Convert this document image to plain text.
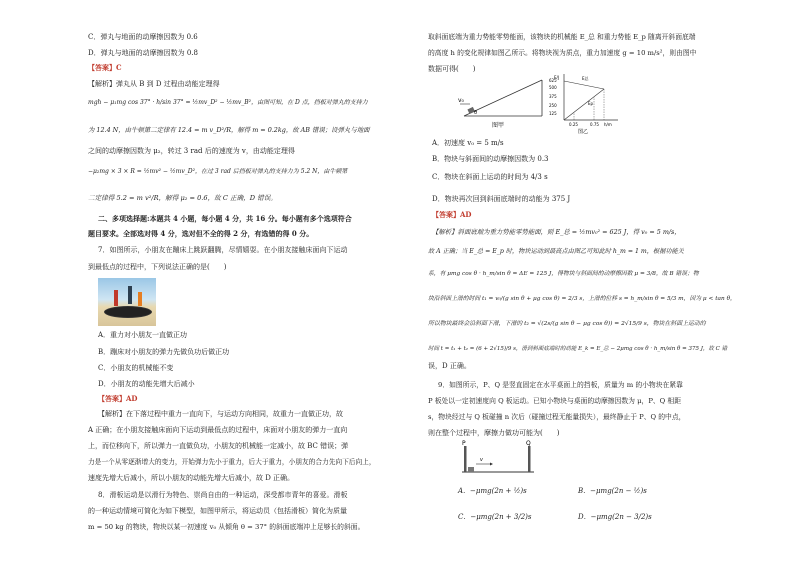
C．弹丸与地面的动摩擦因数为 0.6
D．弹丸与地面的动摩擦因数为 0.8
【答案】C
【解析】弹丸从 B 到 D 过程由动能定理得
mgh − μ₁mg cos 37° · h/sin 37° = ½mv_D² − ½mv_B²，由图可知，在 D 点，挡板对弹丸的支持力
为 12.4 N，由牛顿第二定律有 12.4 = m v_D²/R，解得 m = 0.2kg，故 AB 错误；设弹丸与地面
之间的动摩擦因数为 μ₂，转过 3 rad 后的速度为 v，由动能定理得
−μ₂mg × 3 × R = ½mv² − ½mv_D²，在过 3 rad 后挡板对弹丸的支持力为 5.2 N，由牛顿第
二定律得 5.2 = m v²/R，解得 μ₂ = 0.6，故 C 正确，D 错误。
二、多项选择题:本题共 4 小题，每小题 4 分，共 16 分。每小题有多个选项符合
题目要求。全部选对得 4 分，选对但不全的得 2 分，有选错的得 0 分。
7．如图所示，小朋友在蹦床上跳跃翻腾，尽情嬉耍。在小朋友接触床面向下运动
到最低点的过程中，下列说法正确的是(　　)
A．重力对小朋友一直做正功
B．蹦床对小朋友的弹力先做负功后做正功
C．小朋友的机械能不变
D．小朋友的动能先增大后减小
【答案】AD
【解析】在下落过程中重力一直向下，与运动方向相同，故重力一直做正功，故
A 正确；在小朋友接触床面向下运动到最低点的过程中，床面对小朋友的弹力一直向
上，而位移向下，所以弹力一直做负功，小朋友的机械能一定减小，故 BC 错误；弹
力是一个从零逐渐增大的变力，开始弹力先小于重力，后大于重力，小朋友的合力先向下后向上，
速度先增大后减小，所以小朋友的动能先增大后减小，故 D 正确。
8．滑板运动是以滑行为特色、崇尚自由的一种运动，深受都市青年的喜爱。滑板
的一种运动情境可简化为如下模型，如图甲所示，将运动员（包括滑板）简化为质量
m = 50 kg 的物块，物块以某一初速度 v₀ 从倾角 θ = 37° 的斜面底端冲上足够长的斜面。
取斜面底端为重力势能零势能面，该物块的机械能 E_总 和重力势能 E_p 随离开斜面底端
的高度 h 的变化规律如图乙所示。将物块视为质点，重力加速度 g = 10 m/s²，则由图中
数据可得(　　)
v₀
θ
图甲
E/J
h/m
625
500
375
250
125
E总
Ep
0.25	0.75
图乙
A．初速度 v₀ = 5 m/s
B．物块与斜面间的动摩擦因数为 0.3
C．物块在斜面上运动的时间为 4/3 s
D．物块再次回到斜面底端时的动能为 375 J
【答案】AD
【解析】斜面底端为重力势能零势能面，则 E_总 = ½mv₀² = 625 J，得 v₀ = 5 m/s，
故 A 正确；当 E_总 = E_p 时，物块运动到最高点由图乙可知此时 h_m = 1 m，根据功能关
系，有 μmg cos θ · h_m/sin θ = ΔE = 125 J，得物块与斜面间的动摩擦因数 μ = 3/8，故 B 错误；物
块沿斜面上滑的时间 t₁ = v₀/(g sin θ + μg cos θ) = 2/3 s，上滑的位移 s = h_m/sin θ = 5/3 m，因为 μ < tan θ，
所以物块最终会沿斜面下滑，下滑的 t₂ = √(2s/(g sin θ − μg cos θ)) = 2√15/9 s，物块在斜面上运动的
时间 t = t₁ + t₂ = (6 + 2√15)/9 s，滑到斜面底端时的动能 E_k = E_总 − 2μmg cos θ · h_m/sin θ = 375 J，故 C 错
误，D 正确。
9．如图所示，P、Q 是竖直固定在水平桌面上的挡板，质量为 m 的小物块在紧靠
P 板处以一定初速度向 Q 板运动。已知小物块与桌面的动摩擦因数为 μ，P、Q 相距
s，物块经过与 Q 板碰撞 n 次后（碰撞过程无能量损失），最终静止于 P、Q 的中点，
则在整个过程中，摩擦力做功可能为(　　)
P	Q
v
A．−μmg(2n + ½)s	B．−μmg(2n − ½)s
C．−μmg(2n + 3/2)s	D．−μmg(2n − 3/2)s
